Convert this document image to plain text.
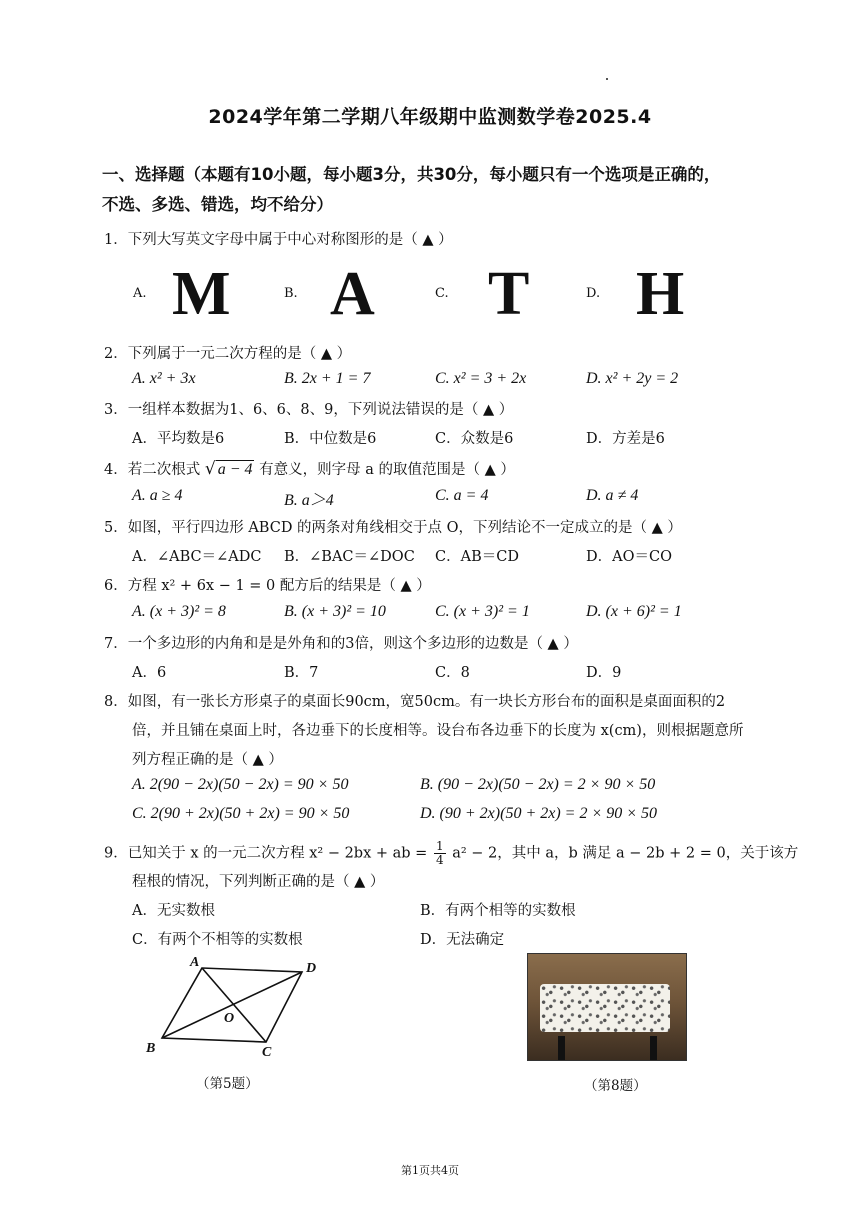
2024学年第二学期八年级期中监测数学卷2025.4
一、选择题（本题有10小题，每小题3分，共30分，每小题只有一个选项是正确的，
不选、多选、错选，均不给分）
1．下列大写英文字母中属于中心对称图形的是（ ▲ ）
A. M	B. A	C. T	D. H
2．下列属于一元二次方程的是（ ▲ ）
A. x² + 3x	B. 2x + 1 = 7	C. x² = 3 + 2x	D. x² + 2y = 2
3．一组样本数据为1、6、6、8、9，下列说法错误的是（ ▲ ）
A．平均数是6	B．中位数是6	C．众数是6	D．方差是6
4．若二次根式 √ a − 4 有意义，则字母 a 的取值范围是（ ▲ ）
A. a ≥ 4	B. a＞4	C. a = 4	D. a ≠ 4
5．如图，平行四边形 ABCD 的两条对角线相交于点 O，下列结论不一定成立的是（ ▲ ）
A．∠ABC＝∠ADC B．∠BAC＝∠DOC C．AB＝CD	D．AO＝CO
6．方程 x² + 6x − 1 = 0 配方后的结果是（ ▲ ）
A. (x + 3)² = 8	B. (x + 3)² = 10	C. (x + 3)² = 1	D. (x + 6)² = 1
7．一个多边形的内角和是是外角和的3倍，则这个多边形的边数是（ ▲ ）
A．6	B．7	C．8	D．9
8．如图，有一张长方形桌子的桌面长90cm，宽50cm。有一块长方形台布的面积是桌面面积的2
倍，并且铺在桌面上时，各边垂下的长度相等。设台布各边垂下的长度为 x(cm)，则根据题意所
列方程正确的是（ ▲ ）
A. 2(90 − 2x)(50 − 2x) = 90 × 50	B. (90 − 2x)(50 − 2x) = 2 × 90 × 50
C. 2(90 + 2x)(50 + 2x) = 90 × 50	D. (90 + 2x)(50 + 2x) = 2 × 90 × 50
9．已知关于 x 的一元二次方程 x² − 2bx + ab = $\frac{1}{4} a^2 - 2$，其中 a，b 满足 a − 2b + 2 = 0，关于该方
程根的情况，下列判断正确的是（ ▲ ）
A．无实数根	B．有两个相等的实数根
C．有两个不相等的实数根	D．无法确定
A	D
B	C
O
（第5题）	（第8题）
第1页共4页
